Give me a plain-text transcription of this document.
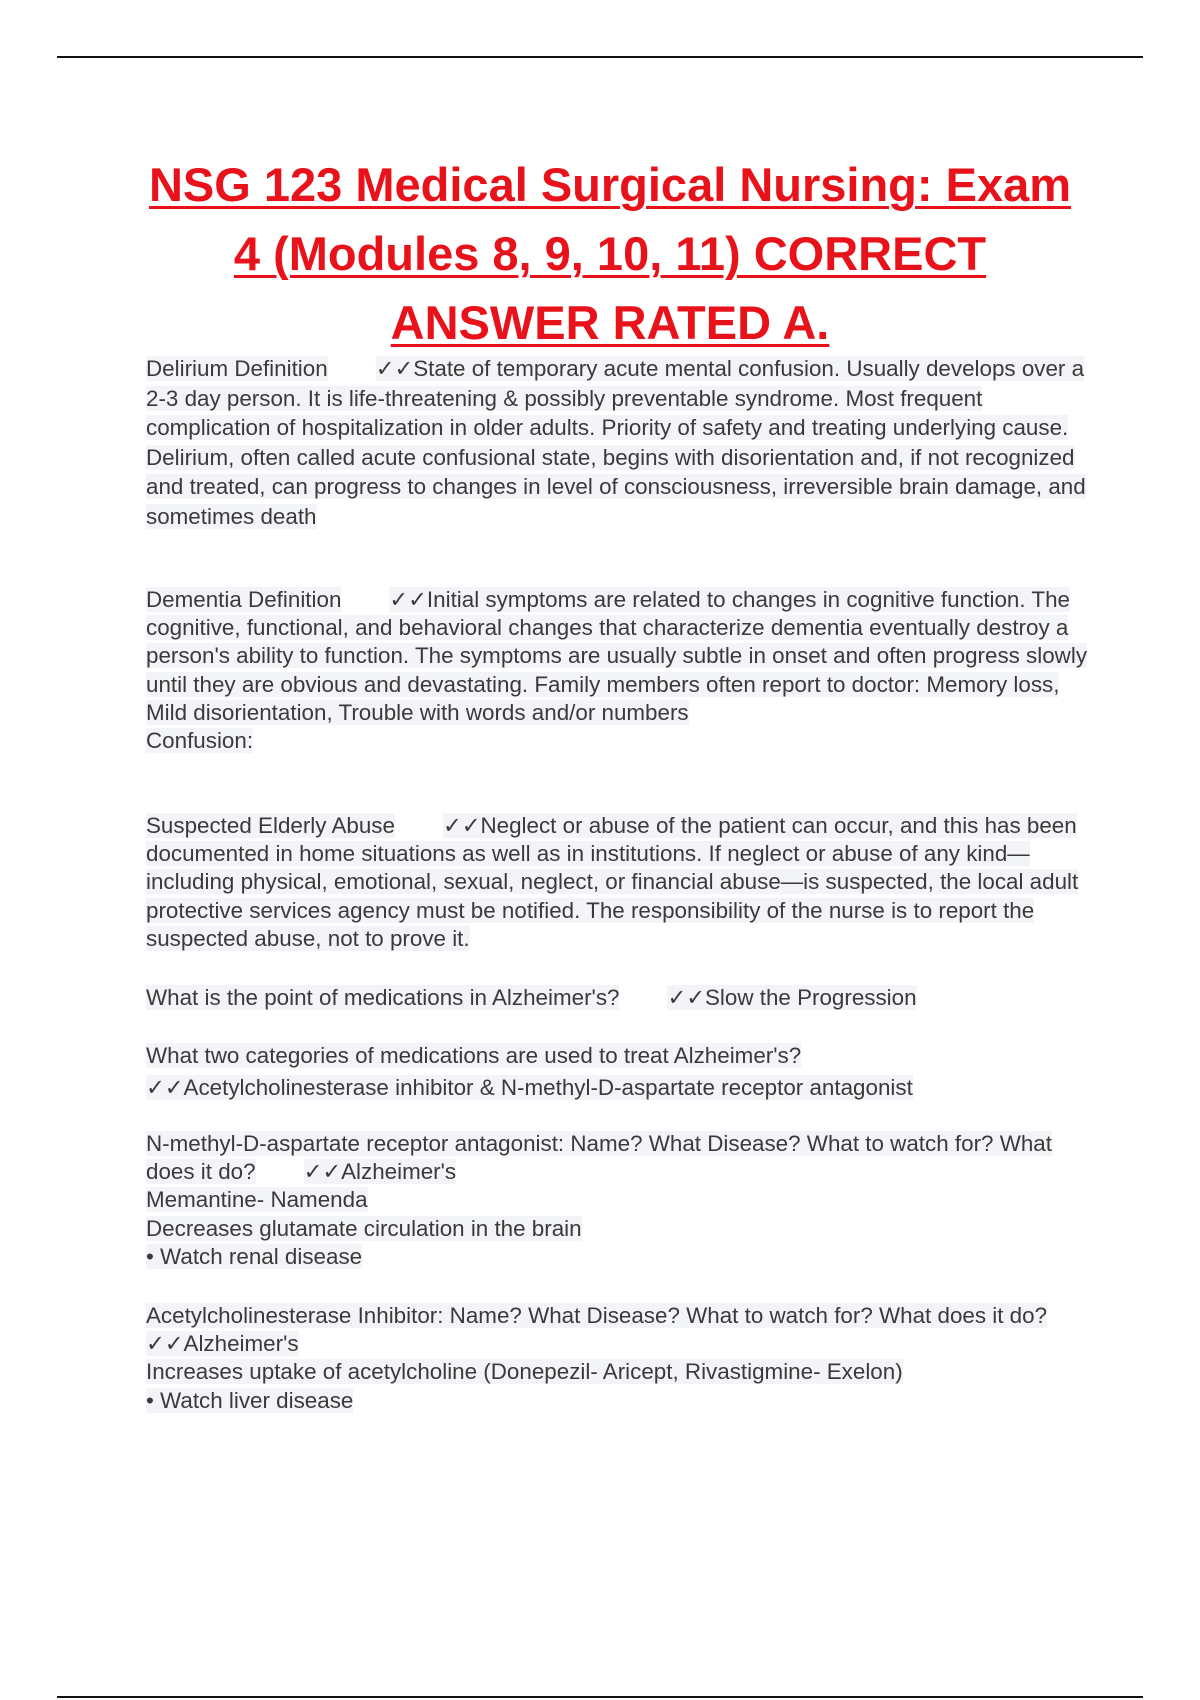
NSG 123 Medical Surgical Nursing: Exam 4 (Modules 8, 9, 10, 11) CORRECT ANSWER RATED A.
Delirium Definition ✓✓State of temporary acute mental confusion. Usually develops over a 2-3 day person. It is life-threatening & possibly preventable syndrome. Most frequent complication of hospitalization in older adults. Priority of safety and treating underlying cause. Delirium, often called acute confusional state, begins with disorientation and, if not recognized and treated, can progress to changes in level of consciousness, irreversible brain damage, and sometimes death
Dementia Definition ✓✓Initial symptoms are related to changes in cognitive function. The cognitive, functional, and behavioral changes that characterize dementia eventually destroy a person's ability to function. The symptoms are usually subtle in onset and often progress slowly until they are obvious and devastating. Family members often report to doctor: Memory loss, Mild disorientation, Trouble with words and/or numbers
Confusion:
Suspected Elderly Abuse ✓✓Neglect or abuse of the patient can occur, and this has been documented in home situations as well as in institutions. If neglect or abuse of any kind—including physical, emotional, sexual, neglect, or financial abuse—is suspected, the local adult protective services agency must be notified. The responsibility of the nurse is to report the suspected abuse, not to prove it.
What is the point of medications in Alzheimer's? ✓✓Slow the Progression
What two categories of medications are used to treat Alzheimer's?
✓✓Acetylcholinesterase inhibitor & N-methyl-D-aspartate receptor antagonist
N-methyl-D-aspartate receptor antagonist: Name? What Disease? What to watch for? What does it do? ✓✓Alzheimer's
Memantine- Namenda
Decreases glutamate circulation in the brain
• Watch renal disease
Acetylcholinesterase Inhibitor: Name? What Disease? What to watch for? What does it do?✓✓Alzheimer's
Increases uptake of acetylcholine (Donepezil- Aricept, Rivastigmine- Exelon)
• Watch liver disease
